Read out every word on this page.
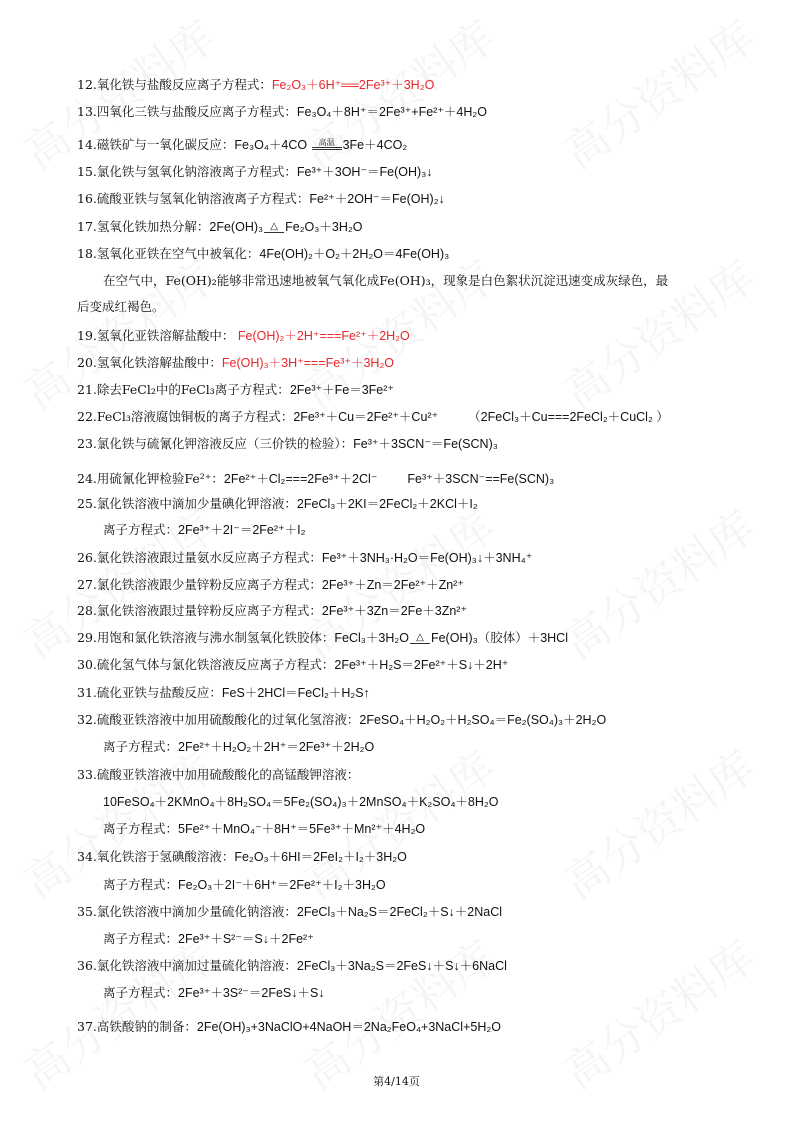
12.氧化铁与盐酸反应离子方程式：Fe₂O₃＋6H⁺══2Fe³⁺＋3H₂O
13.四氧化三铁与盐酸反应离子方程式：Fe₃O₄＋8H⁺＝2Fe³⁺+Fe²⁺＋4H₂O
14.磁铁矿与一氧化碳反应：Fe₃O₄＋4CO 高温 3Fe＋4CO₂
15.氯化铁与氢氧化钠溶液离子方程式：Fe³⁺＋3OH⁻＝Fe(OH)₃↓
16.硫酸亚铁与氢氧化钠溶液离子方程式：Fe²⁺＋2OH⁻＝Fe(OH)₂↓
17.氢氧化铁加热分解：2Fe(OH)₃ △ Fe₂O₃＋3H₂O
18.氢氧化亚铁在空气中被氧化：4Fe(OH)₂＋O₂＋2H₂O＝4Fe(OH)₃
在空气中，Fe(OH)₂能够非常迅速地被氧气氧化成Fe(OH)₃，现象是白色絮状沉淀迅速变成灰绿色，最
后变成红褐色。
19.氢氧化亚铁溶解盐酸中： Fe(OH)₂＋2H⁺===Fe²⁺＋2H₂O
20.氢氧化铁溶解盐酸中：Fe(OH)₃＋3H⁺===Fe³⁺＋3H₂O
21.除去FeCl₂中的FeCl₃离子方程式：2Fe³⁺＋Fe＝3Fe²⁺
22.FeCl₃溶液腐蚀铜板的离子方程式：2Fe³⁺＋Cu＝2Fe²⁺＋Cu²⁺ （2FeCl₃＋Cu===2FeCl₂＋CuCl₂ ）
23.氯化铁与硫氰化钾溶液反应（三价铁的检验）：Fe³⁺＋3SCN⁻＝Fe(SCN)₃
24.用硫氰化钾检验Fe²⁺：2Fe²⁺＋Cl₂===2Fe³⁺＋2Cl⁻ Fe³⁺＋3SCN⁻==Fe(SCN)₃
25.氯化铁溶液中滴加少量碘化钾溶液：2FeCl₃＋2KI＝2FeCl₂＋2KCl＋I₂
离子方程式：2Fe³⁺＋2I⁻＝2Fe²⁺＋I₂
26.氯化铁溶液跟过量氨水反应离子方程式：Fe³⁺＋3NH₃·H₂O＝Fe(OH)₃↓＋3NH₄⁺
27.氯化铁溶液跟少量锌粉反应离子方程式：2Fe³⁺＋Zn＝2Fe²⁺＋Zn²⁺
28.氯化铁溶液跟过量锌粉反应离子方程式：2Fe³⁺＋3Zn＝2Fe＋3Zn²⁺
29.用饱和氯化铁溶液与沸水制氢氧化铁胶体：FeCl₃＋3H₂O △ Fe(OH)₃（胶体）＋3HCl
30.硫化氢气体与氯化铁溶液反应离子方程式：2Fe³⁺＋H₂S＝2Fe²⁺＋S↓＋2H⁺
31.硫化亚铁与盐酸反应：FeS＋2HCl＝FeCl₂＋H₂S↑
32.硫酸亚铁溶液中加用硫酸酸化的过氧化氢溶液：2FeSO₄＋H₂O₂＋H₂SO₄＝Fe₂(SO₄)₃＋2H₂O
离子方程式：2Fe²⁺＋H₂O₂＋2H⁺＝2Fe³⁺＋2H₂O
33.硫酸亚铁溶液中加用硫酸酸化的高锰酸钾溶液：
10FeSO₄＋2KMnO₄＋8H₂SO₄＝5Fe₂(SO₄)₃＋2MnSO₄＋K₂SO₄＋8H₂O
离子方程式：5Fe²⁺＋MnO₄⁻＋8H⁺＝5Fe³⁺＋Mn²⁺＋4H₂O
34.氧化铁溶于氢碘酸溶液：Fe₂O₃＋6HI＝2FeI₂＋I₂＋3H₂O
离子方程式：Fe₂O₃＋2I⁻＋6H⁺＝2Fe²⁺＋I₂＋3H₂O
35.氯化铁溶液中滴加少量硫化钠溶液：2FeCl₃＋Na₂S＝2FeCl₂＋S↓＋2NaCl
离子方程式：2Fe³⁺＋S²⁻＝S↓＋2Fe²⁺
36.氯化铁溶液中滴加过量硫化钠溶液：2FeCl₃＋3Na₂S＝2FeS↓＋S↓＋6NaCl
离子方程式：2Fe³⁺＋3S²⁻＝2FeS↓＋S↓
37.高铁酸钠的制备：2Fe(OH)₃+3NaClO+4NaOH＝2Na₂FeO₄+3NaCl+5H₂O
第4/14页
